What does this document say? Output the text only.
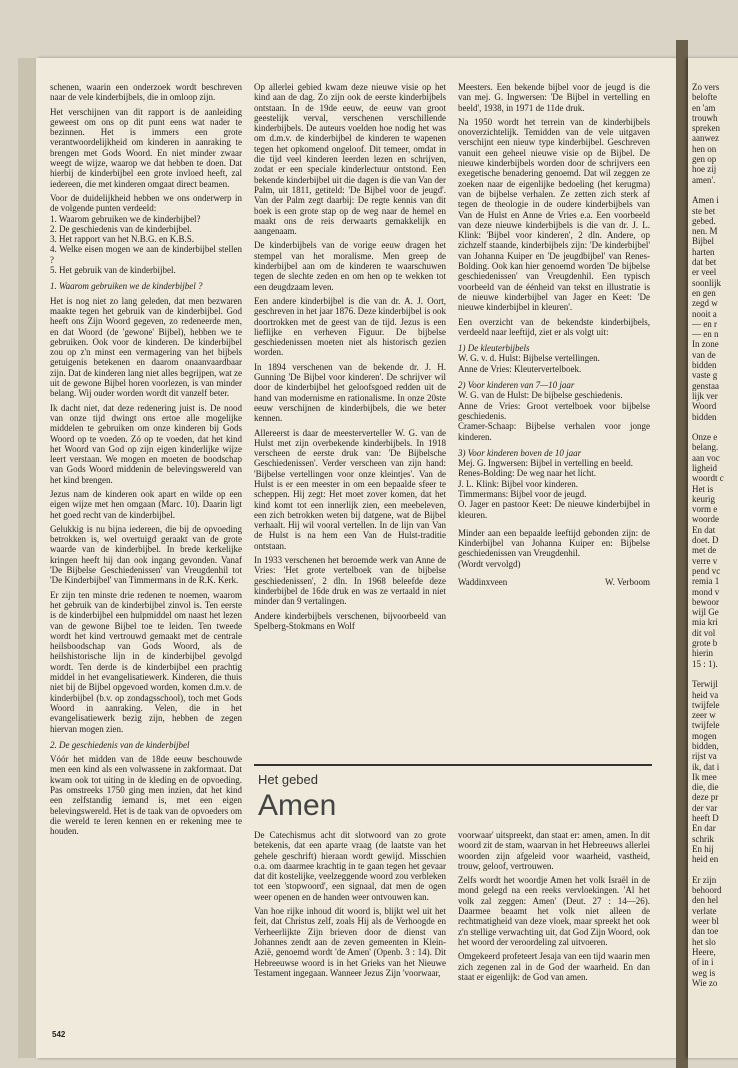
schenen, waarin een onderzoek wordt beschreven naar de vele kinderbijbels, die in omloop zijn.

Het verschijnen van dit rapport is de aanleiding geweest om ons op dit punt eens wat nader te bezinnen. Het is immers een grote verantwoordelijkheid om kinderen in aanraking te brengen met Gods Woord. En niet minder zwaar weegt de wijze, waarop we dat hebben te doen. Dat hierbij de kinderbijbel een grote invloed heeft, zal iedereen, die met kinderen omgaat direct beamen.

Voor de duidelijkheid hebben we ons onderwerp in de volgende punten verdeeld:

1. Waarom gebruiken we de kinderbijbel?

2. De geschiedenis van de kinderbijbel.

3. Het rapport van het N.B.G. en K.B.S.

4. Welke eisen mogen we aan de kinderbijbel stellen ?

5. Het gebruik van de kinderbijbel.

1. Waarom gebruiken we de kinderbijbel ?

Het is nog niet zo lang geleden, dat men bezwaren maakte tegen het gebruik van de kinderbijbel. God heeft ons Zijn Woord gegeven, zo redeneerde men, en dat Woord (de 'gewone' Bijbel), hebben we te gebruiken. Ook voor de kinderen. De kinderbijbel zou op z'n minst een vermagering van het bijbels getuigenis betekenen en daarom onaanvaardbaar zijn. Dat de kinderen lang niet alles begrijpen, wat ze uit de gewone Bijbel horen voorlezen, is van minder belang. Wij ouder worden wordt dit vanzelf beter.

Ik dacht niet, dat deze redenering juist is. De nood van onze tijd dwingt ons ertoe alle mogelijke middelen te gebruiken om onze kinderen bij Gods Woord op te voeden. Zó op te voeden, dat het kind het Woord van God op zijn eigen kinderlijke wijze leert verstaan. We mogen en moeten de boodschap van Gods Woord middenin de belevingswereld van het kind brengen.

Jezus nam de kinderen ook apart en wilde op een eigen wijze met hen omgaan (Marc. 10). Daarin ligt het goed recht van de kinderbijbel.

Gelukkig is nu bijna iedereen, die bij de opvoeding betrokken is, wel overtuigd geraakt van de grote waarde van de kinderbijbel. In brede kerkelijke kringen heeft hij dan ook ingang gevonden. Vanaf 'De Bijbelse Geschiedenissen' van Vreugdenhil tot 'De Kinderbijbel' van Timmermans in de R.K. Kerk.

Er zijn ten minste drie redenen te noemen, waarom het gebruik van de kinderbijbel zinvol is. Ten eerste is de kinderbijbel een hulpmiddel om naast het lezen van de gewone Bijbel toe te leiden. Ten tweede wordt het kind vertrouwd gemaakt met de centrale heilsboodschap van Gods Woord, als de heilshistorische lijn in de kinderbijbel gevolgd wordt. Ten derde is de kinderbijbel een prachtig middel in het evangelisatiewerk. Kinderen, die thuis niet bij de Bijbel opgevoed worden, komen d.m.v. de kinderbijbel (b.v. op zondagsschool), toch met Gods Woord in aanraking. Velen, die in het evangelisatiewerk bezig zijn, hebben de zegen hiervan mogen zien.

2. De geschiedenis van de kinderbijbel

Vóór het midden van de 18de eeuw beschouwde men een kind als een volwassene in zakformaat. Dat kwam ook tot uiting in de kleding en de opvoeding. Pas omstreeks 1750 ging men inzien, dat het kind een zelfstandig iemand is, met een eigen belevingswereld. Het is de taak van de opvoeders om die wereld te leren kennen en er rekening mee te houden.

Op allerlei gebied kwam deze nieuwe visie op het kind aan de dag. Zo zijn ook de eerste kinderbijbels ontstaan. In de 19de eeuw, de eeuw van groot geestelijk verval, verschenen verschillende kinderbijbels. De auteurs voelden hoe nodig het was om d.m.v. de kinderbijbel de kinderen te wapenen tegen het opkomend ongeloof. Dit temeer, omdat in die tijd veel kinderen leerden lezen en schrijven, zodat er een speciale kinderlectuur ontstond. Een bekende kinderbijbel uit die dagen is die van Van der Palm, uit 1811, getiteld: 'De Bijbel voor de jeugd'. Van der Palm zegt daarbij: De regte kennis van dit boek is een grote stap op de weg naar de hemel en maakt ons de reis derwaarts gemakkelijk en aangenaam.

De kinderbijbels van de vorige eeuw dragen het stempel van het moralisme. Men greep de kinderbijbel aan om de kinderen te waarschuwen tegen de slechte zeden en om hen op te wekken tot een deugdzaam leven.

Een andere kinderbijbel is die van dr. A. J. Oort, geschreven in het jaar 1876. Deze kinderbijbel is ook doortrokken met de geest van de tijd. Jezus is een lieflijke en verheven Figuur. De bijbelse geschiedenissen moeten niet als historisch gezien worden.

In 1894 verschenen van de bekende dr. J. H. Gunning 'De Bijbel voor kinderen'. De schrijver wil door de kinderbijbel het geloofsgoed redden uit de hand van modernisme en rationalisme. In onze 20ste eeuw verschijnen de kinderbijbels, die we beter kennen.

Allereerst is daar de meesterverteller W. G. van de Hulst met zijn overbekende kinderbijbels. In 1918 verscheen de eerste druk van: 'De Bijbelsche Geschiedenissen'. Verder verscheen van zijn hand: 'Bijbelse vertellingen voor onze kleintjes'. Van de Hulst is er een meester in om een bepaalde sfeer te scheppen. Hij zegt: Het moet zover komen, dat het kind komt tot een innerlijk zien, een meebeleven, een zich betrokken weten bij datgene, wat de Bijbel verhaalt. Hij wil vooral vertellen. In de lijn van Van de Hulst is na hem een Van de Hulst-traditie ontstaan.

In 1933 verschenen het beroemde werk van Anne de Vries: 'Het grote vertelboek van de bijbelse geschiedenissen', 2 dln. In 1968 beleefde deze kinderbijbel de 16de druk en was ze vertaald in niet minder dan 9 vertalingen.

Andere kinderbijbels verschenen, bijvoorbeeld van Spelberg-Stokmans en Wolf

Meesters. Een bekende bijbel voor de jeugd is die van mej. G. Ingwersen: 'De Bijbel in vertelling en beeld', 1938, in 1971 de 11de druk.

Na 1950 wordt het terrein van de kinderbijbels onoverzichtelijk. Temidden van de vele uitgaven verschijnt een nieuw type kinderbijbel. Geschreven vanuit een geheel nieuwe visie op de Bijbel. De nieuwe kinderbijbels worden door de schrijvers een exegetische benadering genoemd. Dat wil zeggen ze zoeken naar de eigenlijke bedoeling (het kerugma) van de bijbelse verhalen. Ze zetten zich sterk af tegen de theologie in de oudere kinderbijbels van Van de Hulst en Anne de Vries e.a. Een voorbeeld van deze nieuwe kinderbijbels is die van dr. J. L. Klink: 'Bijbel voor kinderen', 2 dln. Andere, op zichzelf staande, kinderbijbels zijn: 'De kinderbijbel' van Johanna Kuiper en 'De jeugdbijbel' van Renes-Bolding. Ook kan hier genoemd worden 'De bijbelse geschiedenissen' van Vreugdenhil. Een typisch voorbeeld van de éénheid van tekst en illustratie is de nieuwe kinderbijbel van Jager en Keet: 'De nieuwe kinderbijbel in kleuren'.

Een overzicht van de bekendste kinderbijbels, verdeeld naar leeftijd, ziet er als volgt uit:

1) De kleuterbijbels

W. G. v. d. Hulst: Bijbelse vertellingen.

Anne de Vries: Kleutervertelboek.

2) Voor kinderen van 7—10 jaar

W. G. van de Hulst: De bijbelse geschiedenis.

Anne de Vries: Groot vertelboek voor bijbelse geschiedenis.

Cramer-Schaap: Bijbelse verhalen voor jonge kinderen.

3) Voor kinderen boven de 10 jaar

Mej. G. Ingwersen: Bijbel in vertelling en beeld.

Renes-Bolding: De weg naar het licht.

J. L. Klink: Bijbel voor kinderen.

Timmermans: Bijbel voor de jeugd.

O. Jager en pastoor Keet: De nieuwe kinderbijbel in kleuren.

Minder aan een bepaalde leeftijd gebonden zijn: de Kinderbijbel van Johanna Kuiper en: Bijbelse geschiedenissen van Vreugdenhil.

(Wordt vervolgd)

Waddinxveen	W. Verboom
Het gebed
Amen

De Catechismus acht dit slotwoord van zo grote betekenis, dat een aparte vraag (de laatste van het gehele geschrift) hieraan wordt gewijd. Misschien o.a. om daarmee krachtig in te gaan tegen het gevaar dat dit kostelijke, veelzeggende woord zou verbleken tot een 'stopwoord', een signaal, dat men de ogen weer openen en de handen weer ontvouwen kan.

Van hoe rijke inhoud dit woord is, blijkt wel uit het feit, dat Christus zelf, zoals Hij als de Verhoogde en Verheerlijkte Zijn brieven door de dienst van Johannes zendt aan de zeven gemeenten in Klein-Azië, genoemd wordt 'de Amen' (Openb. 3 : 14). Dit Hebreeuwse woord is in het Grieks van het Nieuwe Testament ingegaan. Wanneer Jezus Zijn 'voorwaar,

voorwaar' uitspreekt, dan staat er: amen, amen. In dit woord zit de stam, waarvan in het Hebreeuws allerlei woorden zijn afgeleid voor waarheid, vastheid, trouw, geloof, vertrouwen.

Zelfs wordt het woordje Amen het volk Israël in de mond gelegd na een reeks vervloekingen. 'Al het volk zal zeggen: Amen' (Deut. 27 : 14—26). Daarmee beaamt het volk niet alleen de rechtmatigheid van deze vloek, maar spreekt het ook z'n stellige verwachting uit, dat God Zijn Woord, ook het woord der veroordeling zal uitvoeren.

Omgekeerd profeteert Jesaja van een tijd waarin men zich zegenen zal in de God der waarheid. En dan staat er eigenlijk: de God van amen.

542
Zo vers
belofte
en 'am
trouwh
spreken
aanwez
hen on
gen op
hoe zij
amen'.

Amen i
ste bet
gebed.
nen. M
Bijbel
harten
dat bet
er veel
soonlijk
en gen
zegd w
nooit a
— en r
— en n
In zone
van de
bidden
vaste g
genstaa
lijk ver
Woord
bidden

Onze e
belang.
aan voc
ligheid
woordt c
Het is
keurig
vorm e
woorde
En dat
doet. D
met de
verre v
pend vc
remia 1
mond v
bewoor
wijl Ge
mia kri
dit vol
grote b
hierin
15 : 1).

Terwijl
heid va
twijfele
zeer w
twijfele
mogen
bidden,
rijst va
ik, dat i
Ik mee
die, die
deze pr
der var
heeft D
En dar
schrik
En hij
heid en

Er zijn
behoord
den hel
verlate
weer bl
dan toe
het slo
Heere,
of in i
weg is
Wie zo
